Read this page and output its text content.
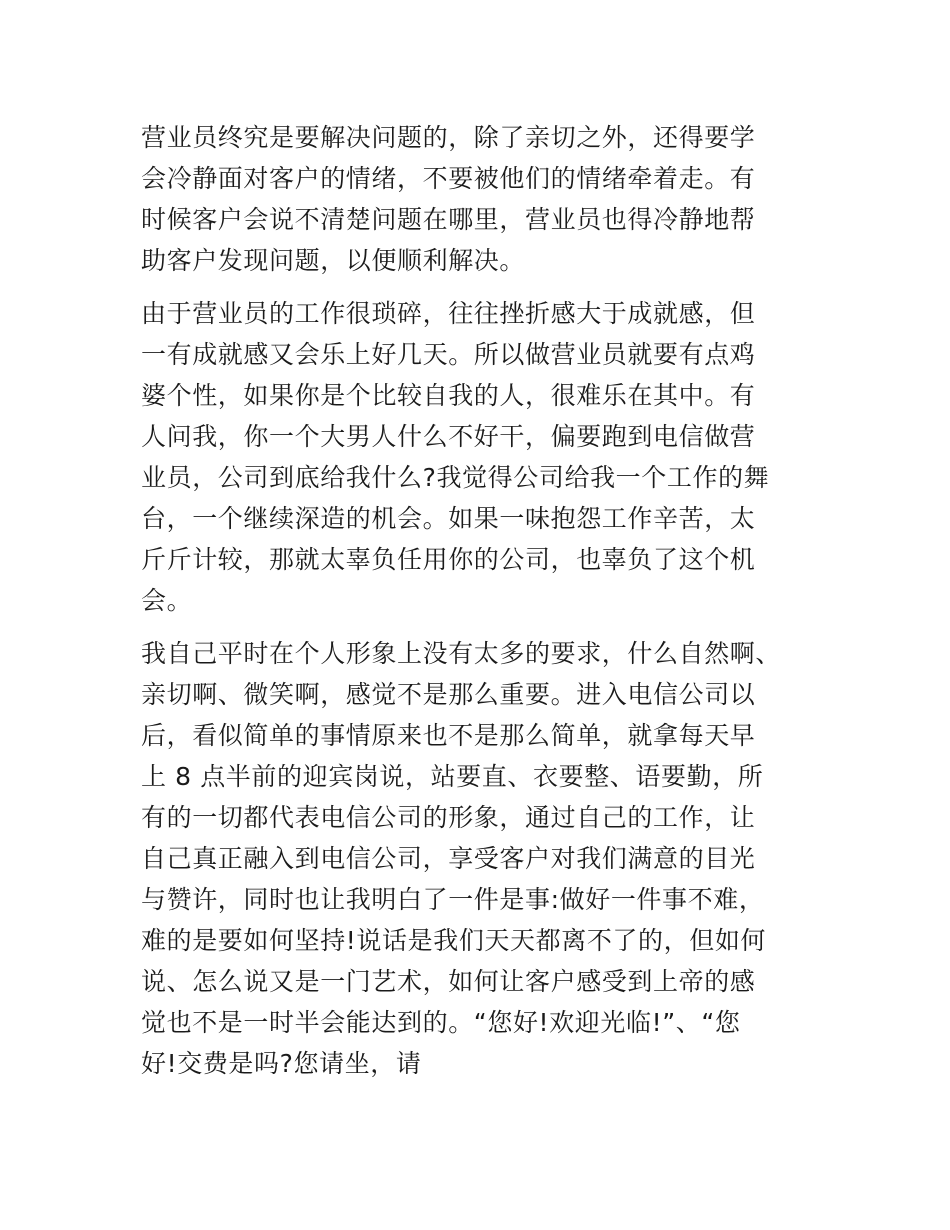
营业员终究是要解决问题的，除了亲切之外，还得要学
会冷静面对客户的情绪，不要被他们的情绪牵着走。有
时候客户会说不清楚问题在哪里，营业员也得冷静地帮
助客户发现问题，以便顺利解决。

由于营业员的工作很琐碎，往往挫折感大于成就感，但
一有成就感又会乐上好几天。所以做营业员就要有点鸡
婆个性，如果你是个比较自我的人，很难乐在其中。有
人问我，你一个大男人什么不好干，偏要跑到电信做营
业员，公司到底给我什么?我觉得公司给我一个工作的舞
台，一个继续深造的机会。如果一味抱怨工作辛苦，太
斤斤计较，那就太辜负任用你的公司，也辜负了这个机
会。

我自己平时在个人形象上没有太多的要求，什么自然啊、
亲切啊、微笑啊，感觉不是那么重要。进入电信公司以
后，看似简单的事情原来也不是那么简单，就拿每天早
上 8 点半前的迎宾岗说，站要直、衣要整、语要勤，所
有的一切都代表电信公司的形象，通过自己的工作，让
自己真正融入到电信公司，享受客户对我们满意的目光
与赞许，同时也让我明白了一件是事:做好一件事不难，
难的是要如何坚持!说话是我们天天都离不了的，但如何
说、怎么说又是一门艺术，如何让客户感受到上帝的感
觉也不是一时半会能达到的。“您好!欢迎光临!”、“您
好!交费是吗?您请坐，请
